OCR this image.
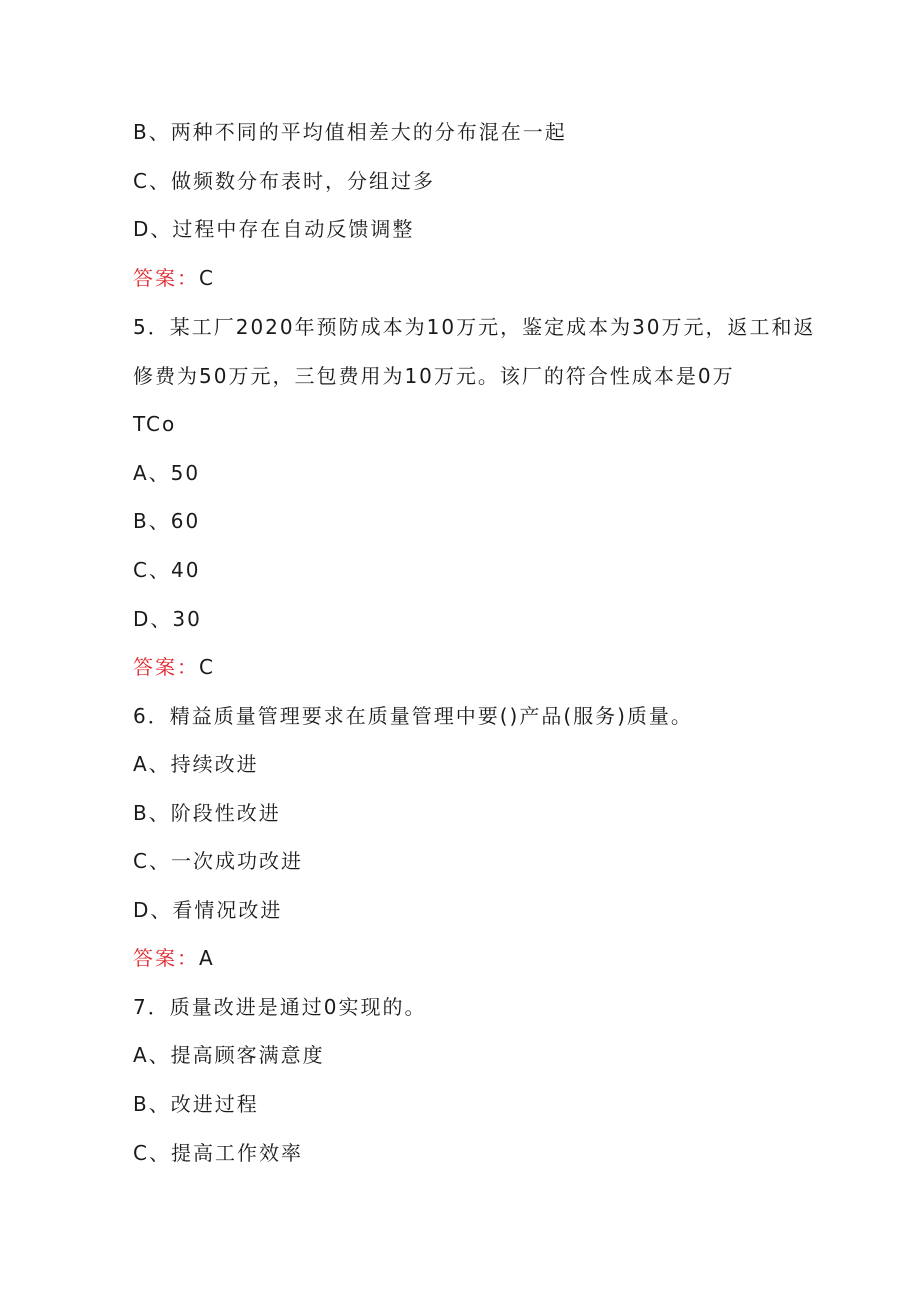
B、两种不同的平均值相差大的分布混在一起
C、做频数分布表时，分组过多
D、过程中存在自动反馈调整
答案：C
5．某工厂2020年预防成本为10万元，鉴定成本为30万元，返工和返
修费为50万元，三包费用为10万元。该厂的符合性成本是0万
TCo
A、50
B、60
C、40
D、30
答案：C
6．精益质量管理要求在质量管理中要()产品(服务)质量。
A、持续改进
B、阶段性改进
C、一次成功改进
D、看情况改进
答案：A
7．质量改进是通过0实现的。
A、提高顾客满意度
B、改进过程
C、提高工作效率
